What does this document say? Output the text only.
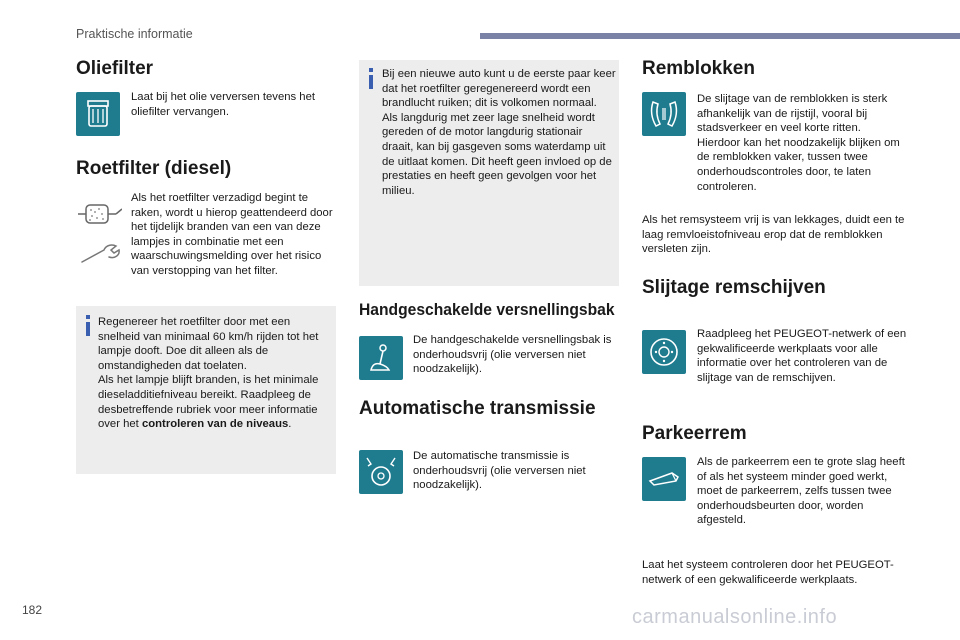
Praktische informatie
Oliefilter

Laat bij het olie verversen tevens het oliefilter vervangen.

Roetfilter (diesel)

Als het roetfilter verzadigd begint te raken, wordt u hierop geattendeerd door het tijdelijk branden van een van deze lampjes in combinatie met een waarschuwingsmelding over het risico van verstopping van het filter.

Regenereer het roetfilter door met een snelheid van minimaal 60 km/h rijden tot het lampje dooft. Doe dit alleen als de omstandigheden dat toelaten.
Als het lampje blijft branden, is het minimale dieseladditiefniveau bereikt. Raadpleeg de desbetreffende rubriek voor meer informatie over het controleren van de niveaus.

Bij een nieuwe auto kunt u de eerste paar keer dat het roetfilter geregenereerd wordt een brandlucht ruiken; dit is volkomen normaal.
Als langdurig met zeer lage snelheid wordt gereden of de motor langdurig stationair draait, kan bij gasgeven soms waterdamp uit de uitlaat komen. Dit heeft geen invloed op de prestaties en heeft geen gevolgen voor het milieu.

Handgeschakelde versnellingsbak

De handgeschakelde versnellingsbak is onderhoudsvrij (olie verversen niet noodzakelijk).

Automatische transmissie

De automatische transmissie is onderhoudsvrij (olie verversen niet noodzakelijk).

Remblokken

De slijtage van de remblokken is sterk afhankelijk van de rijstijl, vooral bij stadsverkeer en veel korte ritten. Hierdoor kan het noodzakelijk blijken om de remblokken vaker, tussen twee onderhoudscontroles door, te laten controleren.

Als het remsysteem vrij is van lekkages, duidt een te laag remvloeistofniveau erop dat de remblokken versleten zijn.

Slijtage remschijven

Raadpleeg het PEUGEOT-netwerk of een gekwalificeerde werkplaats voor alle informatie over het controleren van de slijtage van de remschijven.

Parkeerrem

Als de parkeerrem een te grote slag heeft of als het systeem minder goed werkt, moet de parkeerrem, zelfs tussen twee onderhoudsbeurten door, worden afgesteld.

Laat het systeem controleren door het PEUGEOT-netwerk of een gekwalificeerde werkplaats.

182	carmanualsonline.info
